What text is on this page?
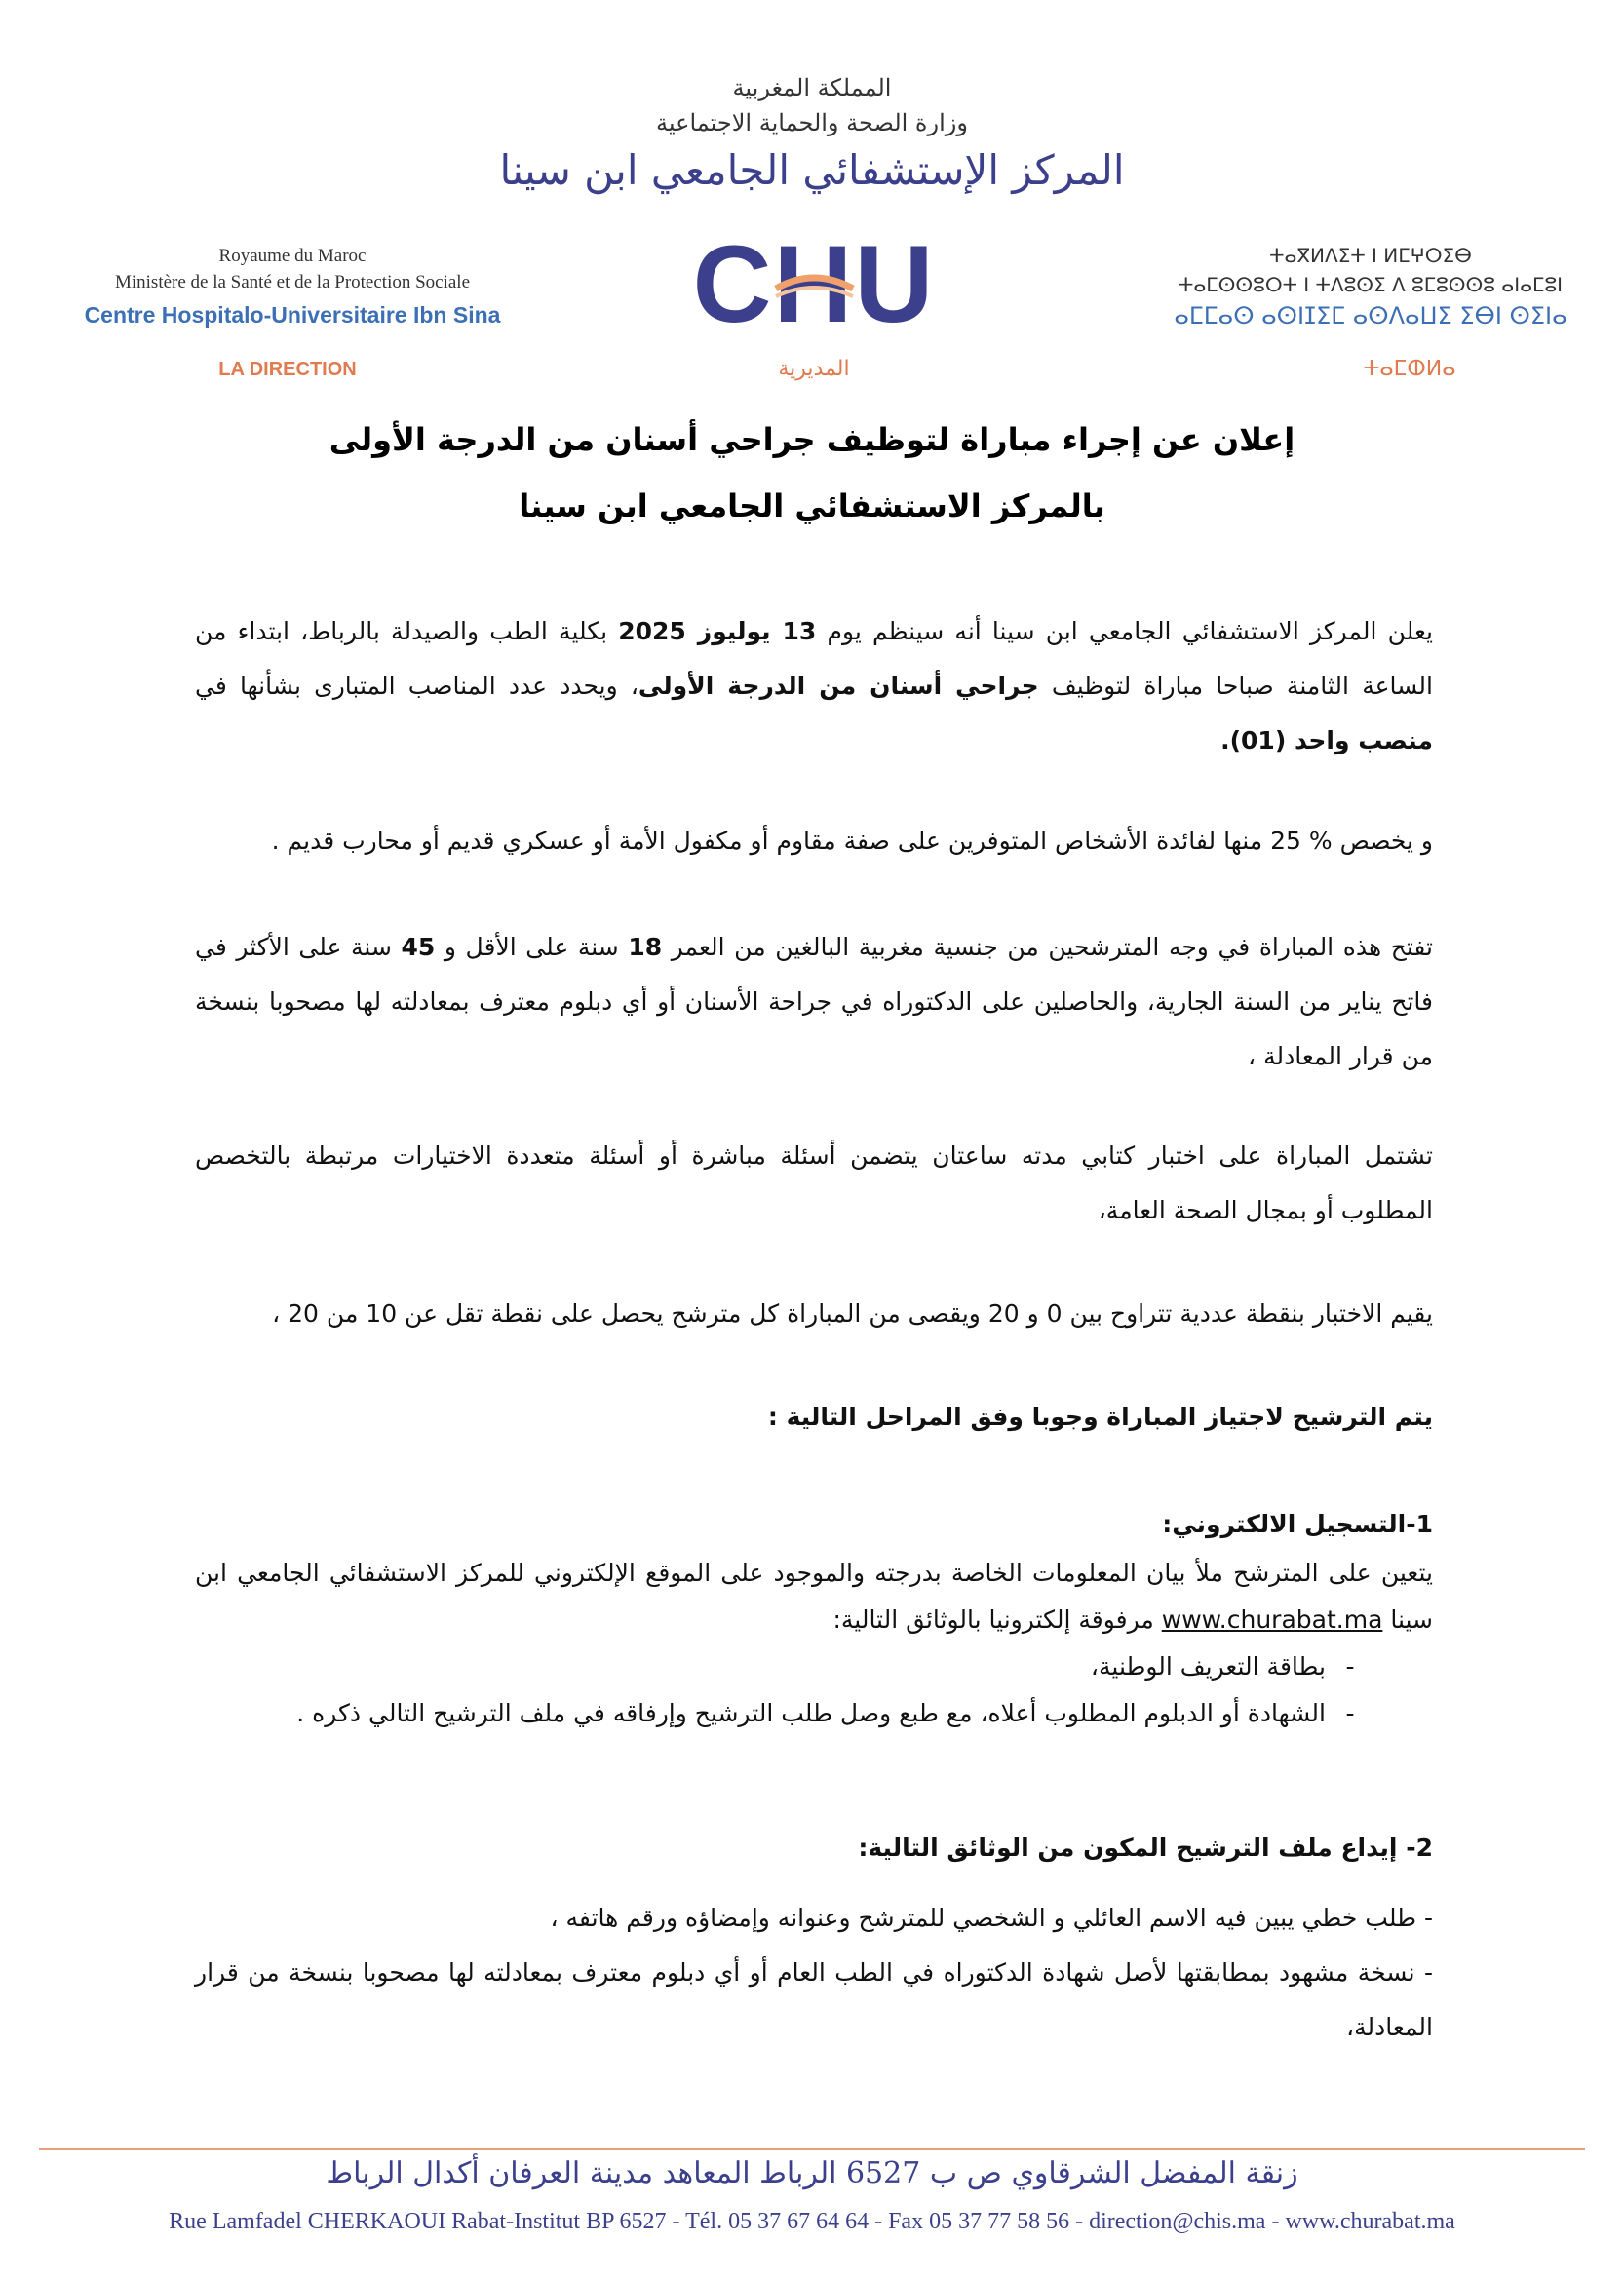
المملكة المغربية
وزارة الصحة والحماية الاجتماعية
المركز الإستشفائي الجامعي ابن سينا
Royaume du Maroc
Ministère de la Santé et de la Protection Sociale
Centre Hospitalo-Universitaire Ibn Sina
LA DIRECTION
ⵜⴰⴳⵍⴷⵉⵜ ⵏ ⵍⵎⵖⵔⵉⴱ
ⵜⴰⵎⵙⵙⵓⵔⵜ ⵏ ⵜⴷⵓⵙⵉ ⴷ ⵓⵎⵓⵙⵙⵓ ⴰⵏⴰⵎⵓⵏ
ⴰⵎⵎⴰⵙ ⴰⵙⵏⵊⵉⵎ ⴰⵙⴷⴰⵡⵉ ⵉⴱⵏ ⵙⵉⵏⴰ
ⵜⴰⵎⵀⵍⴰ
CHU
المديرية
إعلان عن إجراء مباراة لتوظيف جراحي أسنان من الدرجة الأولى
بالمركز الاستشفائي الجامعي ابن سينا
يعلن المركز الاستشفائي الجامعي ابن سينا أنه سينظم يوم 13 يوليوز 2025 بكلية الطب والصيدلة بالرباط، ابتداء من الساعة الثامنة صباحا مباراة لتوظيف جراحي أسنان من الدرجة الأولى، ويحدد عدد المناصب المتبارى بشأنها في منصب واحد (01).
و يخصص % 25 منها لفائدة الأشخاص المتوفرين على صفة مقاوم أو مكفول الأمة أو عسكري قديم أو محارب قديم .
تفتح هذه المباراة في وجه المترشحين من جنسية مغربية البالغين من العمر 18 سنة على الأقل و 45 سنة على الأكثر في فاتح يناير من السنة الجارية، والحاصلين على الدكتوراه في جراحة الأسنان أو أي دبلوم معترف بمعادلته لها مصحوبا بنسخة من قرار المعادلة ،
تشتمل المباراة على اختبار كتابي مدته ساعتان يتضمن أسئلة مباشرة أو أسئلة متعددة الاختيارات مرتبطة بالتخصص المطلوب أو بمجال الصحة العامة،
يقيم الاختبار بنقطة عددية تتراوح بين 0 و 20 ويقصى من المباراة كل مترشح يحصل على نقطة تقل عن 10 من 20 ،
يتم الترشيح لاجتياز المباراة وجوبا وفق المراحل التالية :
1-التسجيل الالكتروني:
يتعين على المترشح ملأ بيان المعلومات الخاصة بدرجته والموجود على الموقع الإلكتروني للمركز الاستشفائي الجامعي ابن سينا www.churabat.ma مرفوقة إلكترونيا بالوثائق التالية:
-بطاقة التعريف الوطنية،
-الشهادة أو الدبلوم المطلوب أعلاه، مع طبع وصل طلب الترشيح وإرفاقه في ملف الترشيح التالي ذكره .
2- إيداع ملف الترشيح المكون من الوثائق التالية:
- طلب خطي يبين فيه الاسم العائلي و الشخصي للمترشح وعنوانه وإمضاؤه ورقم هاتفه ،
- نسخة مشهود بمطابقتها لأصل شهادة الدكتوراه في الطب العام أو أي دبلوم معترف بمعادلته لها مصحوبا بنسخة من قرار المعادلة،
زنقة المفضل الشرقاوي ص ب 6527 الرباط المعاهد مدينة العرفان أكدال الرباط
Rue Lamfadel CHERKAOUI Rabat-Institut BP 6527 - Tél. 05 37 67 64 64 - Fax 05 37 77 58 56 - direction@chis.ma - www.churabat.ma
